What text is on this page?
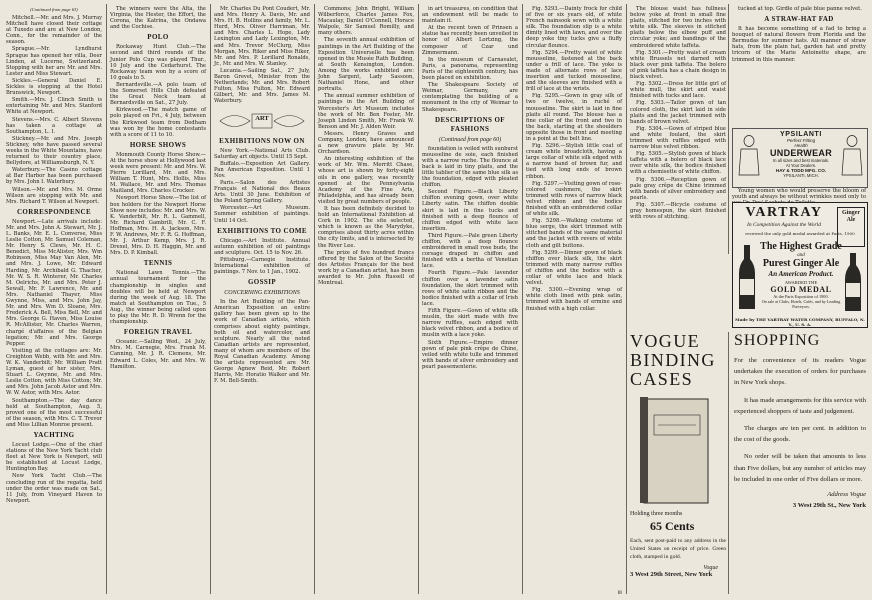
(Continued from page 63)

Mitchell.—Mr. and Mrs. J. Murray Mitchell have closed their cottage at Tuxedo and are at New London, Conn., for the remainder of the season.

Sprague.—Mr. Lyndhurst Sprague has opened her villa, Deer Linden, at Lucerne, Switzerland. Stopping with her are Mr. and Mrs. Lester and Miss Stewart.

Sickles.—General Daniel E. Sickles is stopping at the Hotel Brunswick, Newport.

Smith.—Mrs. J. Clinch Smith is entertaining Mr. and Mrs. Stanford White at Newport.

Stevens.—Mrs. C. Albert Stevens has taken a cottage at Southampton, L. I.

Stickney.—Mr. and Mrs. Joseph Stickney, who have passed several weeks in the White Mountains, have returned to their country place, Bellydore, at Williamsburgh, N. Y.

Waterbury.—The Casino cottage at Bar Harbor has been purchased by Mrs. John I. Waterbury.

Wilson.—Mr. and Mrs. M. Orme Wilson are stopping with Mr. and Mrs. Richard T. Wilson at Newport.

CORRESPONDENCE

Newport.—Late arrivals include: Mr. and Mrs. John A. Stewart, Mr. J. L. Banks, Mr. E. L. Converse, Miss Leslie Cotton, Mr. Samuel Coleman, Mr. Henry S. Clews, Mr. H. C. Benedict, Miss McAlister, Mrs. Wm Robinson, Miss May Van Alen, Mr. and Mrs. J. Lowe, Mr. Edward Harding, Mr. Archibald G. Thacher, Mr. W. S. R. Winterer, Mr. Charles M. Oelrichs, Mr. and Mrs. Peter J. Sewall, Mr. F. Lawrence, Mr. and Mrs. Nathaniel Thayer, Miss Gwynne, Miss, and Mrs. John Jay, Mr. and Mrs. Wm D. Sloane, Mrs. Frederick A. Bell, Miss Bell, Mr. and Mrs. George G. Haven, Miss Louise R. McAllister, Mr. Charles Warren, chargé d'affaires of the Belgian legation; Mr. and Mrs. George Pepper.

Visiting at the cottages are: Mr. Creighton Webb, with Mr. and Mrs. W. K. Vanderbilt; Mr. William Pratt Lyman, guest of her sister, Mrs. Stuart L. Gwynne, Mr. and Mrs. Leslie Cotton, with Miss Cotton; Mr. and Mrs. John Jacob Astor and Mrs. W. W. Astor, with Mrs. Astor.

Southampton.—The day dance held at Southampton, Aug. 5, proved one of the most successful of the season, with Mrs. C. T. Trevor and Miss Lillian Monroe present.

YACHTING

Locust Lodge.—One of the chief stations of the New York Yacht club fleet at New York is Newport, will be established at Locust Lodge, Huntington Bay.

New York Yacht Club.—The concluding run of the regatta, held under the order was made on Sat., 11 July, from Vineyard Haven to Newport.

The winners were the Alta, the Virginia, the Hester, the Effort, the Corona, the Katrina, the Ondawa and the Cochise.

POLO

Rockaway Hunt Club.—The second and third rounds of the Junior Polo Cup was played Thur., 10 July and the Cedarhurst. The Rockaway team won by a score of 10 goals to 5.

Bernardsville.—A polo team of the Somerset Hills Club defeated the Great Neck team at Bernardsville on Sat., 27 July.

Kirkwood.—The match game of polo played on Fri., 4 July, between the Kirkwood team from Dedham was won by the home contestants with a score of 11 to 10.

HORSE SHOWS

Monmouth County Horse Show.—At the horse show at Hollywood last week were present: Mr. and Mrs. W. Pierre Lorillard, Mr. and Mrs. William T. Hunt, Mrs. Hollis, Miss M. Wallace, Mr. and Mrs. Thomas Maitland, Mrs. Charles Crocker.

Newport Horse Show.—The list of box holders for the Newport Horse Show now includes: Mr. and Mrs. W. K. Vanderbilt, Mr. R. L. Gammell, Mr. Richard Gambrill, Mr. C. F. Hoffman, Mrs. H. A. Jackson, Mrs. F. W. Andrews, Mr. F. R. G. Hoffman, Mr. J. Arthur Kemp, Mrs. J. R. Drexel, Mrs. D. H. Haggin, Mr. and Mrs. D. P. Kimball.

TENNIS

National Lawn Tennis.—The annual tournament for the championship in singles and doubles will be held at Newport during the week of Aug. 18. The match at Southampton on Tue., 5 Aug., the winner being called upon to play the Mr. R. D. Wrenn for the championship.

FOREIGN TRAVEL

Oceanic.—Sailing Wed., 24 July, Mrs. M. Carnegie, Mrs. Frank M. Canning, Mr. J. R. Clemens, Mr. Edward L. Coles, Mr. and Mrs. W. Hamilton.

Mr. Charles Du Pont Coudert, Mr. and Mrs. Henry A. Davis, Mr. and Mrs. H. B. Hollins and family, Mr. L. Hurd, Mrs. Oliver Harriman, Mr. and Mrs. Charles L. Hope, Lady Lexington and Lady Lexington, Mr. and Mrs. Trevor McClurg, Miss Morgan, Mrs. Riker and Miss Riker, Mr. and Mrs. P. Lorillard Ronalds, Jr., Mr. and Mrs. W. Stanley.

Lucania.—Sailing Sat., 27 July, Baron Grevet, Minister from the Netherlands; Mr. and Mrs. Robert Fulton, Miss Fulton, Mr. Edward Gilbert, Mr. and Mrs. James M. Waterbury.

ART
EXHIBITIONS NOW ON

New York.—National Arts Club. Saturday art objects. Until 15 Sept.

Buffalo.—Exposition Art Gallery. Pan American Exposition. Until 1 Nov.

Paris.—Salon des Artistes Français et National des Beaux Arts. Until 30 June. Exhibition of the Poland Spring Gallery.

Worcester.—Art Museum. Summer exhibition of paintings. Until 14 Oct.

EXHIBITIONS TO COME

Chicago.—Art Institute. Annual autumn exhibition of oil paintings and sculpture. Oct. 15 to Nov. 26.

Pittsburg.—Carnegie Institute. International exhibition of paintings. 7 Nov. to 1 Jan., 1902.

GOSSIP
CONCERNING EXHIBITIONS

In the Art Building of the Pan-American Exposition an entire gallery has been given up to the work of Canadian artists, which comprises about eighty paintings, both oil and watercolor, and sculpture. Nearly all the noted Canadian artists are represented, many of whom are members of the Royal Canadian Academy. Among the artists represented are Mr. George Agnew Reid, Mr. Robert Harris, Mr. Horatio Walker and Mr. F. M. Bell-Smith.

Commons; John Bright, William Wilberforce, Charles James Fox, Macaulay, Daniel O'Connell, Horace Walpole, Sir Samuel Romilly, and many others.

The seventh annual exhibition of paintings in the Art Building of the Exposition Universelle has been opened in the Musée Rath Building, at South Kensington, London. Among the works exhibited are: John Sargent, Lady Sassoon, Nathaniel Hone, and other portraits.

The annual summer exhibition of paintings in the Art Building of Worcester's Art Museum includes the work of Mr. Ben Foster, Mr. Joseph Lindon Smith, Mr. Frank W. Benson and Mr. J. Alden Weir.

Messrs. Henry Graves and Company, London, have announced a new gravure plate by Mr. Orchardson.

An interesting exhibition of the work of Mr. Wm. Merritt Chase, whose art is shown by forty-eight oils in one gallery, was recently opened at the Pennsylvania Academy of the Fine Arts, Philadelphia, and has already been visited by great numbers of people.

It has been definitely decided to hold an International Exhibition at Cork in 1902. The site selected, which is known as the Marydyke, comprises about thirty acres within the city limits, and is intersected by the River Lee.

The prize of five hundred francs offered by the Salon of the Société des Artistes Français for the best work by a Canadian artist, has been awarded to Mr. John Russell of Montreal.

in art treasures, on condition that an endowment will be made to maintain it.

At the recent town of Prinsen a statue has recently been unveiled in honor of Albert Lortzing, the composer of Czar und Zimmermann.

In the museum of Carnavalet, Paris, a panorama, representing Paris of the eighteenth century, has been placed on exhibition.

The Shakespeare Society of Weimar, Germany, are contemplating the building of a monument in the city of Weimar to Shakespeare.

DESCRIPTIONS OF FASHIONS
(Continued from page 60)

foundation is veiled with sunburst mousseline de soie, each finished with a narrow ruche. The flounce at back is laid in tiny plaits, and the little tablier of the same blue silk as the foundation, edged with pleated chiffon.

Second Figure.—Black Liberty chiffon evening gown, over white Liberty satin. The chiffon double skirt is laid in fine tucks and finished with a deep flounce of chiffon edged with white lace insertion.

Third Figure.—Pale green Liberty chiffon, with a deep flounce embroidered in small rose buds, the corsage draped in chiffon and finished with a bertha of Venetian lace.

Fourth Figure.—Pale lavender chiffon over a lavender satin foundation, the skirt trimmed with rows of white satin ribbon and the bodice finished with a collar of Irish lace.

Fifth Figure.—Gown of white silk muslin, the skirt made with five narrow ruffles, each edged with black velvet ribbon, and a bodice of muslin with a lace yoke.

Sixth Figure.—Empire dinner gown of pale pink crêpe de Chine, veiled with white tulle and trimmed with bands of silver embroidery and pearl passementerie.

Fig. 5293.—Dainty frock for child of five or six years old, of white French nainsook sewn with a white silk. The foundation slip is a white dimity lined with lawn, and over the deep yoke tiny tucks give a fluffy circular flounce.

Fig. 5294.—Pretty waist of white mousseline, fastened at the back under a frill of lace. The yoke is made of alternate rows of lace insertion and tucked mousseline, and the sleeves are finished with a frill of lace at the wrists.

Fig. 5295.—Gown in gray silk of two or twelve, in ruché of mousseline. The skirt is laid in fine plaits all round. The blouse has a fine collar of the front and two in the back, starting at the shoulders opposite those in front and meeting in a point at the belt line.

Fig. 5296.—Stylish little coat of cream white broadcloth, having a large collar of white silk edged with a narrow band of brown fur, and tied with long ends of brown ribbon.

Fig. 5297.—Visiting gown of rose-colored cashmere, the skirt trimmed with rows of narrow black velvet ribbon and the bodice finished with an embroidered collar of white silk.

Fig. 5298.—Walking costume of blue serge, the skirt trimmed with stitched bands of the same material and the jacket with revers of white cloth and gilt buttons.

Fig. 5299.—Dinner gown of black chiffon over black silk, the skirt trimmed with many narrow ruffles of chiffon and the bodice with a collar of white lace and black velvet.

Fig. 5300.—Evening wrap of white cloth lined with pink satin, trimmed with bands of ermine and finished with a high collar.

The blouse waist has fullness below yoke at front in small fine plaits, stitched for two inches with white silk. The sleeves in stitched plaits below the elbow puff and circular yoke; and bandings of the embroidered white taffeta.

Fig. 5301.—Pretty waist of cream white Brussels net darned with black over pink taffeta. The bolero of pink taffeta has a chain design in black velvet.

Fig. 5302.—Dress for little girl of white mull, the skirt and waist finished with tucks and lace.

Fig. 5303.—Tailor gown of tan colored cloth, the skirt laid in side plaits and the jacket trimmed with bands of brown velvet.

Fig. 5304.—Gown of striped blue and white foulard, the skirt trimmed with ruffles edged with narrow blue velvet ribbon.

Fig. 5305.—Stylish gown of black taffeta with a bolero of black lace over white silk, the bodice finished with a chemisette of white chiffon.

Fig. 5306.—Reception gown of pale gray crêpe de Chine trimmed with bands of silver embroidery and pearls.

Fig. 5307.—Bicycle costume of gray homespun, the skirt finished with rows of stitching.

tucked at top. Girdle of pale blue panne velvet.

A STRAW-HAT FAD

It has become something of a fad to bring a bouquet of natural flowers from Florida and the Bermudas for summer hats. All manner of straw hats, from the plain hat, garden hat and pretty tricorn of the Marie Antoinette shape, are trimmed in this manner.

YPSILANTI
Perfect Fitting
Health
UNDERWEAR
In all sizes and best materials.
At Your Dealers.
HAY & TODD MFG. CO.
YPSILANTI, MICH.

Young women who would preserve the bloom of youth and always be without wrinkles need only to

VARTRAY
In Competition Against the World
Ginger Ale
received the only gold medal awarded at Paris, 1900
The Highest Grade
and
Purest Ginger Ale
An American Product.
AWARDED THE
GOLD MEDAL
At the Paris Exposition of 1900.
On sale at Clubs, Hotels, Cafés, and by Leading Purveyors.
Made by THE VARTRAY WATER COMPANY, BUFFALO, N. Y., U. S. A.
VOGUE
BINDING
CASES
Holding three months
65 Cents
Each, sent post-paid to any address in the United States on receipt of price. Green cloth, stamped in gold.
Vogue
3 West 29th Street, New York
SHOPPING
For the convenience of its readers Vogue undertakes the execution of orders for purchases in New York shops.
It has made arrangements for this service with experienced shoppers of taste and judgement.
The charges are ten per cent. in addition to the cost of the goods.
No order will be taken that amounts to less than Five dollars, but any number of articles may be included in one order of Five dollars or more.
Address Vogue
3 West 29th St., New York
iii
